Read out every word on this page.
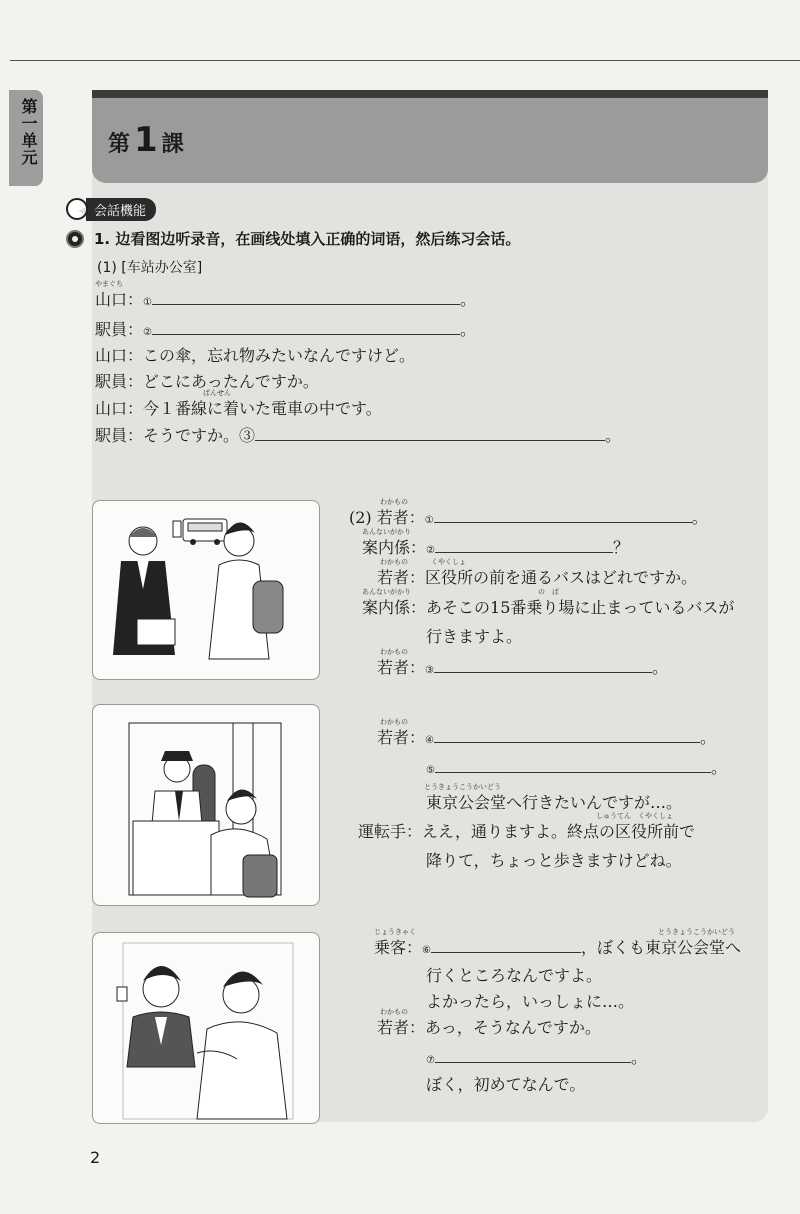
第一单元	第 1 課
会話機能
1. 边看图边听录音，在画线处填入正确的词语，然后练习会话。
(1) [车站办公室]
やまぐち
山口：①	。
駅員：②	。
山口：この傘，忘れ物みたいなんですけど。
駅員：どこにあったんですか。
ばんせん
山口：今１番線に着いた電車の中です。
駅員：そうですか。③	。
わかもの
(2) 若者：①	。
あんないがかり
案内係：②	？
わかもの	くやくしょ
若者：区役所の前を通るバスはどれですか。
あんないがかり	の　ば
案内係：あそこの15番乗り場に止まっているバスが
行きますよ。
わかもの
若者：③	。
わかもの
若者：④	。
⑤	。
とうきょうこうかいどう
東京公会堂へ行きたいんですが…。
しゅうてん　くやくしょ
運転手：ええ，通りますよ。終点の区役所前で
降りて，ちょっと歩きますけどね。
じょうきゃく	とうきょうこうかいどう
乗客：⑥	，ぼくも東京公会堂へ
行くところなんですよ。
よかったら，いっしょに…。
わかもの
若者：あっ，そうなんですか。
⑦	。
ぼく，初めてなんで。
2
